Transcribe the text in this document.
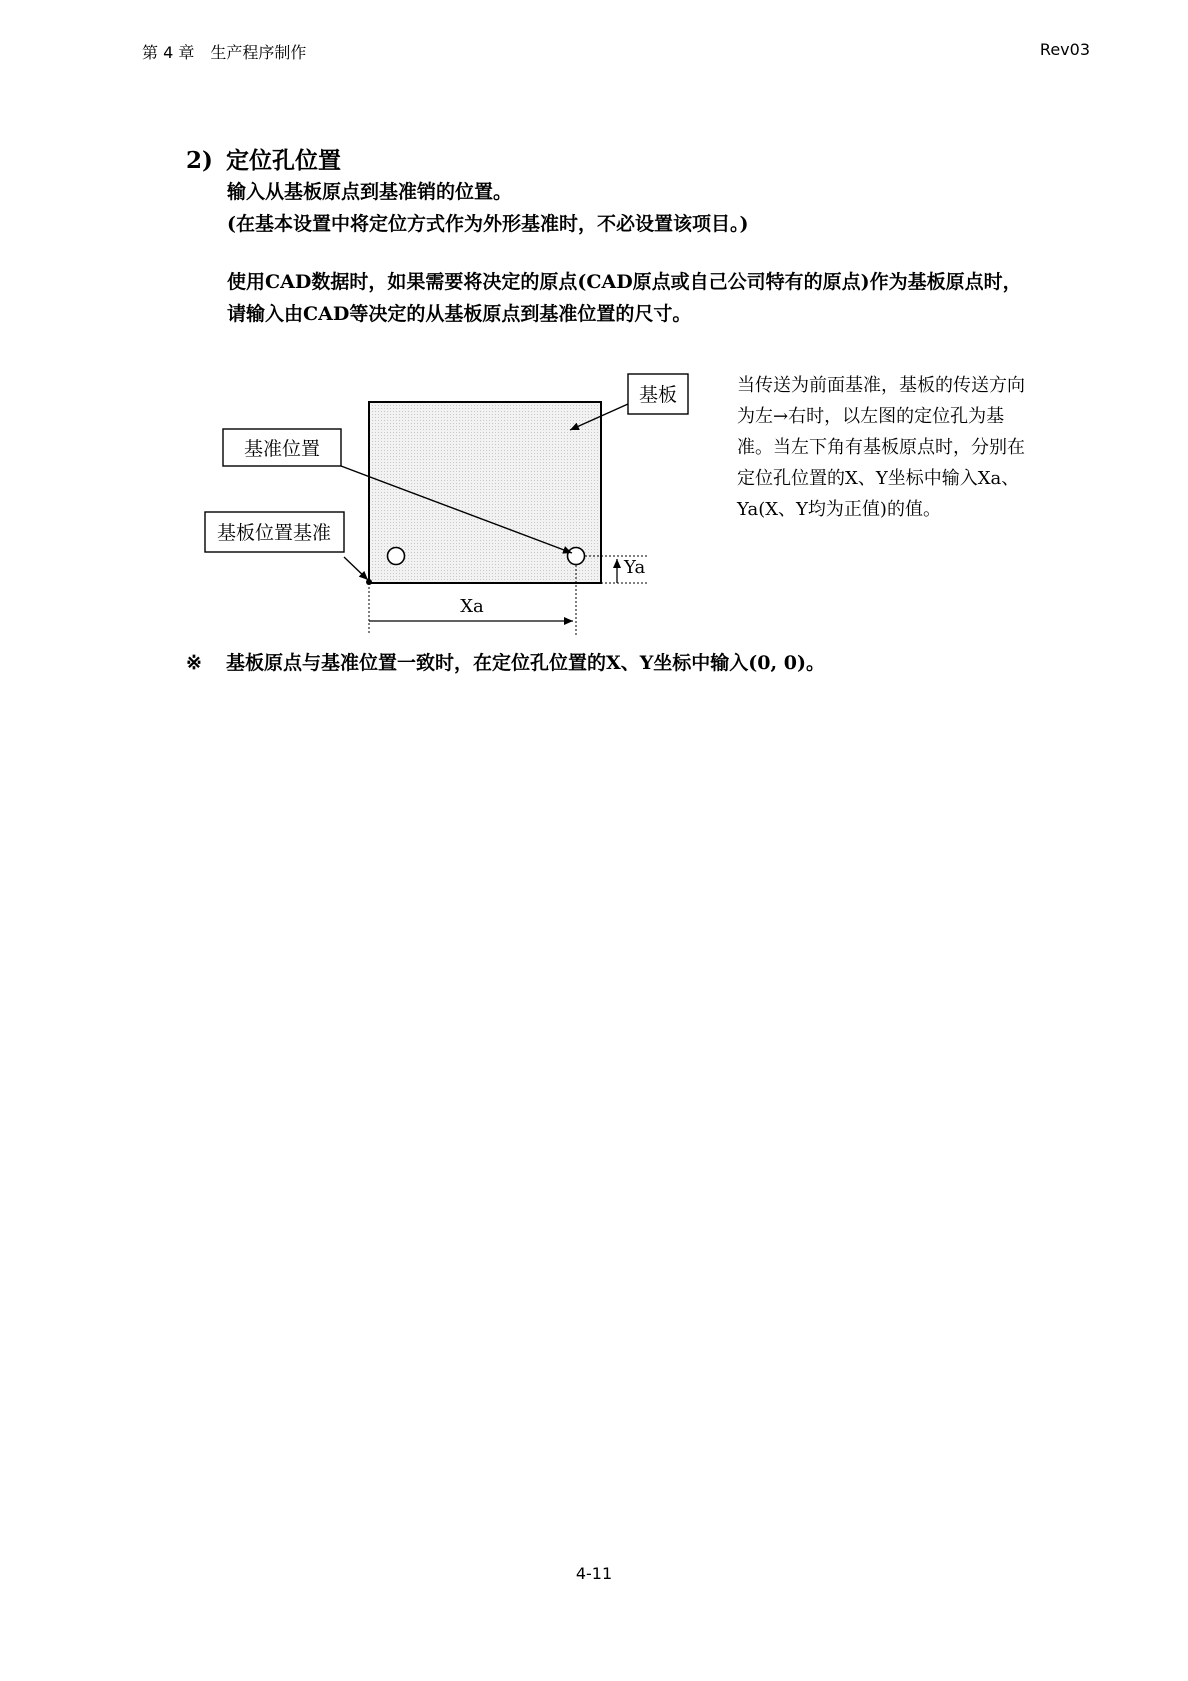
第 4 章　生产程序制作	Rev03
2) 定位孔位置
输入从基板原点到基准销的位置。
(在基本设置中将定位方式作为外形基准时，不必设置该项目。)
使用CAD数据时，如果需要将决定的原点(CAD原点或自己公司特有的原点)作为基板原点时，
请输入由CAD等决定的从基板原点到基准位置的尺寸。
基板
基准位置
基板位置基准
Ya
Xa
当传送为前面基准，基板的传送方向
为左→右时，以左图的定位孔为基
准。当左下角有基板原点时，分别在
定位孔位置的X、Y坐标中输入Xa、
Ya(X、Y均为正值)的值。
※ 基板原点与基准位置一致时，在定位孔位置的X、Y坐标中输入(0, 0)。
4-11
